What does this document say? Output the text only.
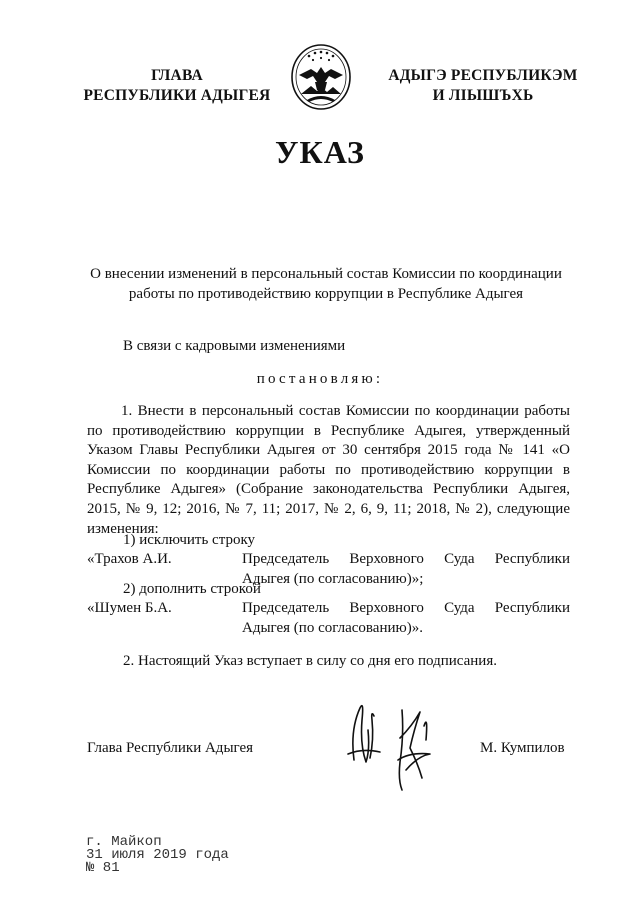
ГЛАВА
РЕСПУБЛИКИ АДЫГЕЯ
АДЫГЭ РЕСПУБЛИКЭМ
И ЛІЫШЪХЬ
УКАЗ
О внесении изменений в персональный состав Комиссии по координации
работы по противодействию коррупции в Республике Адыгея
В связи с кадровыми изменениями
постановляю:
1. Внести в персональный состав Комиссии по координации работы по противодействию коррупции в Республике Адыгея, утвержденный Указом Главы Республики Адыгея от 30 сентября 2015 года № 141 «О Комиссии по координации работы по противодействию коррупции в Республике Адыгея» (Собрание законодательства Республики Адыгея, 2015, № 9, 12; 2016, № 7, 11; 2017, № 2, 6, 9, 11; 2018, № 2), следующие изменения:
1) исключить строку
«Трахов А.И.	Председатель Верховного Суда Республики
Адыгея (по согласованию)»;
2) дополнить строкой
«Шумен Б.А.	Председатель Верховного Суда Республики
Адыгея (по согласованию)».
2. Настоящий Указ вступает в силу со дня его подписания.
Глава Республики Адыгея	М. Кумпилов
г. Майкоп
31 июля 2019 года
№ 81
